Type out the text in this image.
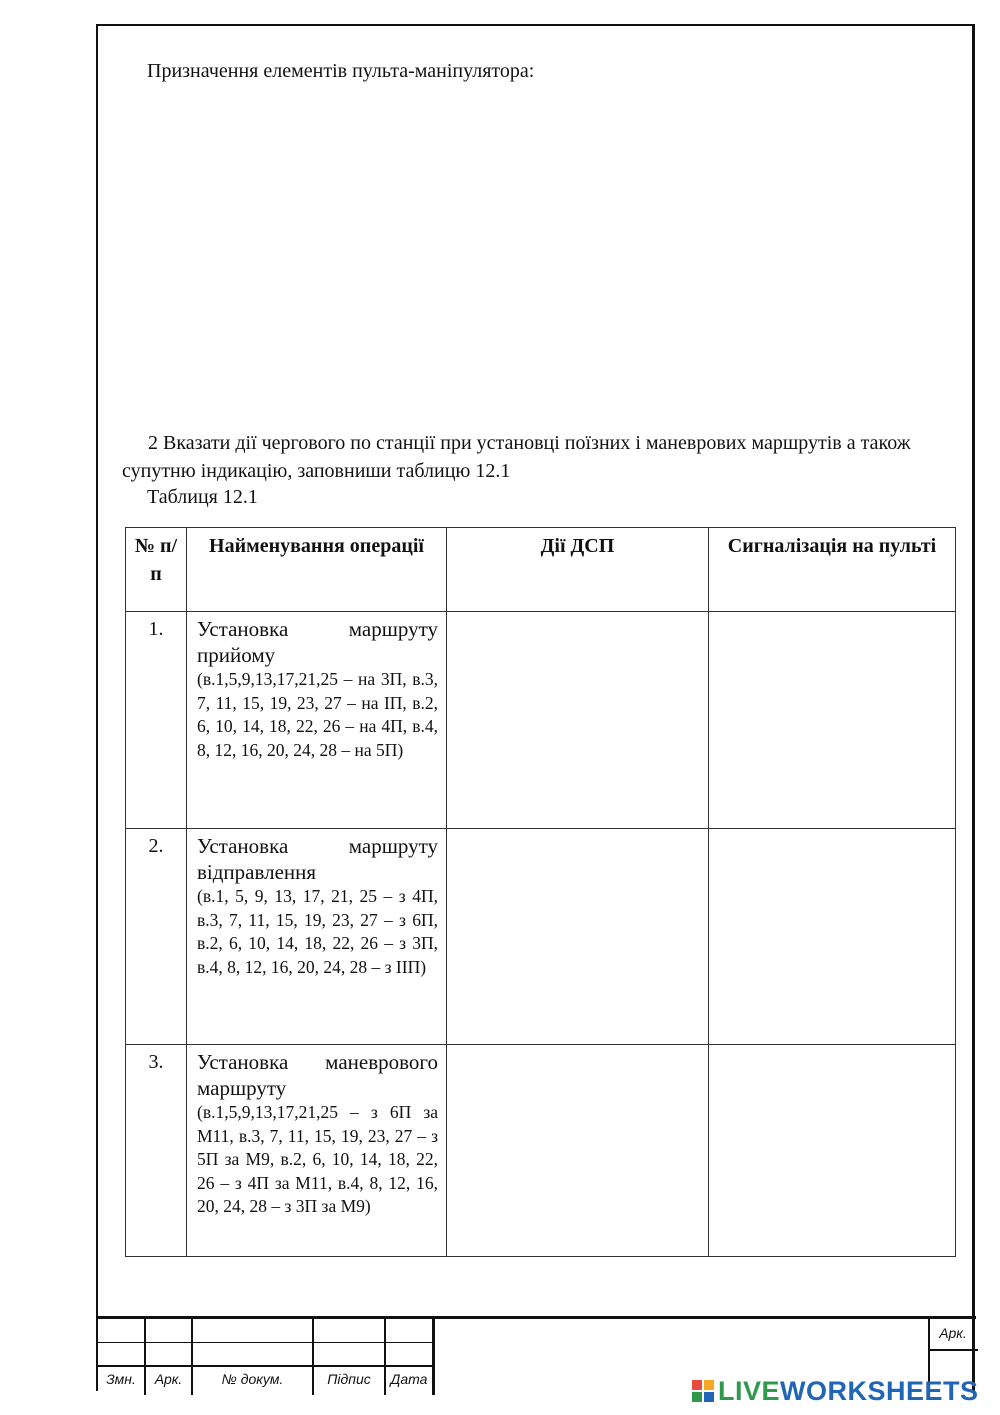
Призначення елементів пульта-маніпулятора:
2 Вказати дії чергового по станції при установці поїзних і маневрових маршрутів а також супутню індикацію, заповниши таблицю 12.1
Таблиця 12.1
№ п/п	Найменування операції	Дії ДСП	Сигналізація на пульті
1.	Установка маршруту прийому
(в.1,5,9,13,17,21,25 – на 3П, в.3, 7, 11, 15, 19, 23, 27 – на ІП, в.2, 6, 10, 14, 18, 22, 26 – на 4П, в.4, 8, 12, 16, 20, 24, 28 – на 5П)		

2.	Установка маршруту відправлення
(в.1, 5, 9, 13, 17, 21, 25 – з 4П, в.3, 7, 11, 15, 19, 23, 27 – з 6П, в.2, 6, 10, 14, 18, 22, 26 – з 3П, в.4, 8, 12, 16, 20, 24, 28 – з ІІП)		

3.	Установка маневрового маршруту
(в.1,5,9,13,17,21,25 – з 6П за М11, в.3, 7, 11, 15, 19, 23, 27 – з 5П за М9, в.2, 6, 10, 14, 18, 22, 26 – з 4П за М11, в.4, 8, 12, 16, 20, 24, 28 – з 3П за М9)		

Змн.	Арк.	№ докум.	Підпис	Дата
Арк.
LIVEWORKSHEETS
